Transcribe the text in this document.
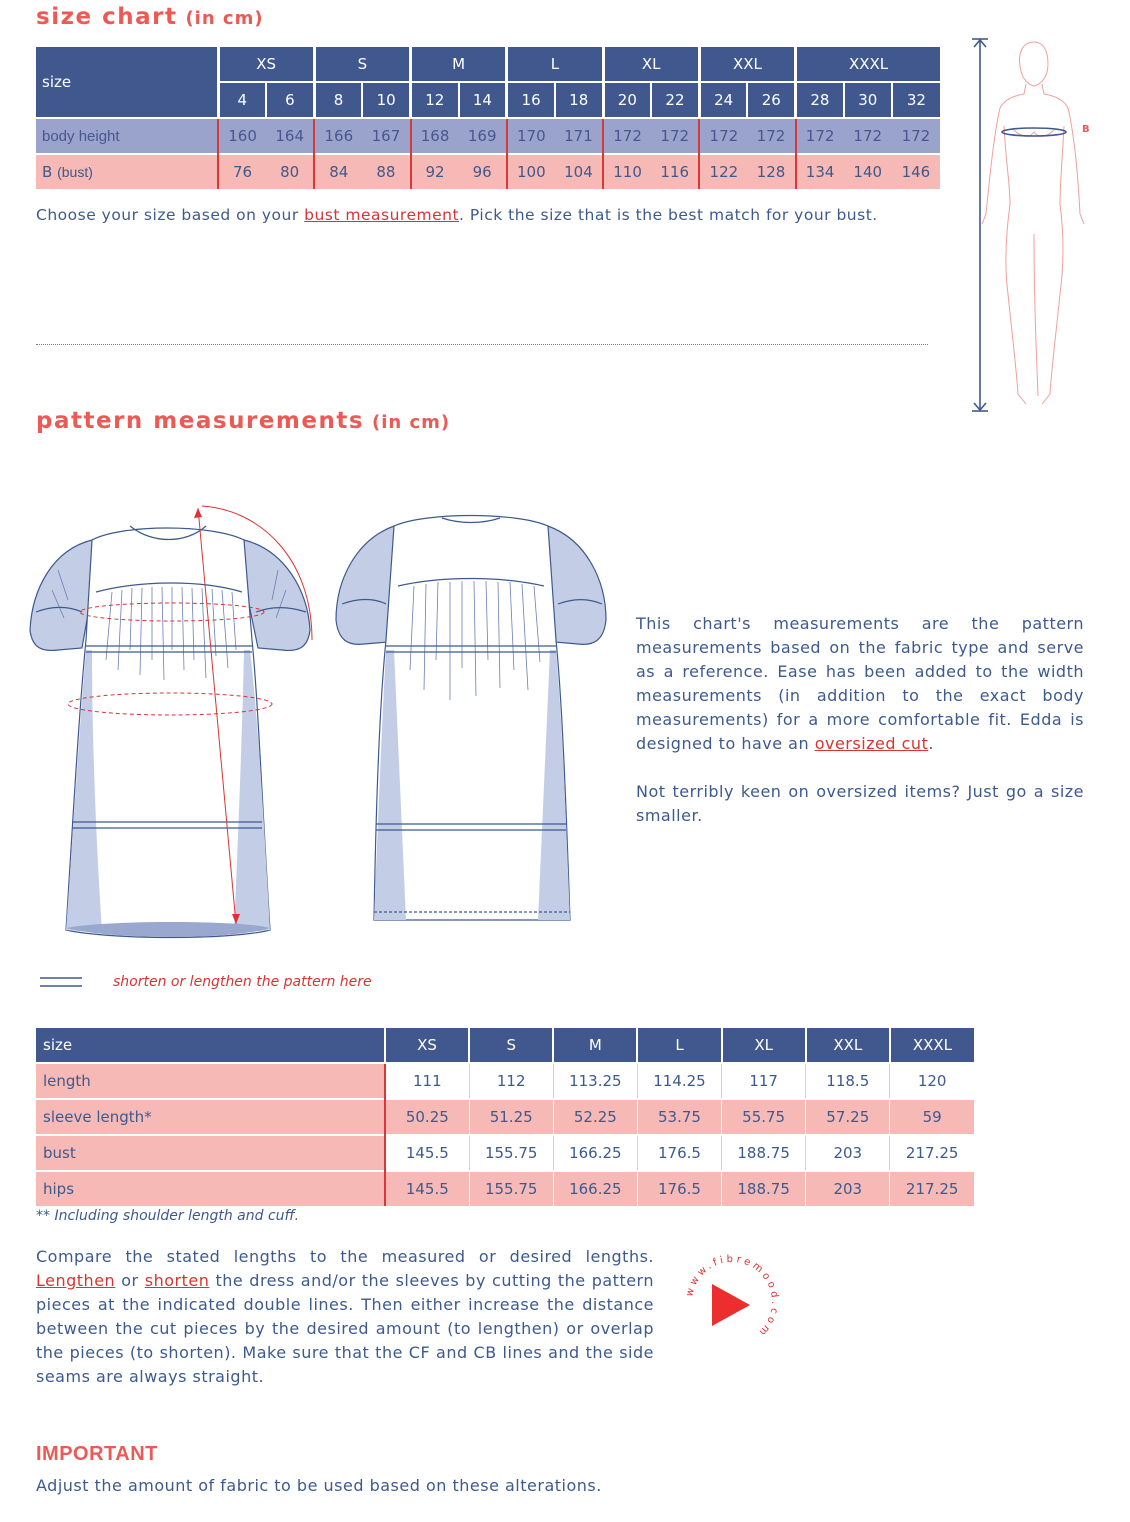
size chart (in cm)
size	XS		S		M		L		XL		XXL		XXXL		
	4	6	8	10	12	14	16	18	20	22	24	26	28	30	32
body height	160	164	166	167	168	169	170	171	172	172	172	172	172	172	172
B (bust)	76	80	84	88	92	96	100	104	110	116	122	128	134	140	146
Choose your size based on your bust measurement. Pick the size that is the best match for your bust.
B
pattern measurements (in cm)
This chart's measurements are the pattern measurements based on the fabric type and serve as a reference. Ease has been added to the width measurements (in addition to the exact body measurements) for a more comfortable fit. Edda is designed to have an oversized cut.
Not terribly keen on oversized items? Just go a size smaller.
shorten or lengthen the pattern here
size	XS	S	M	L	XL	XXL	XXXL
length	111	112	113.25	114.25	117	118.5	120
sleeve length*	50.25	51.25	52.25	53.75	55.75	57.25	59
bust	145.5	155.75	166.25	176.5	188.75	203	217.25
hips	145.5	155.75	166.25	176.5	188.75	203	217.25
** Including shoulder length and cuff.
Compare the stated lengths to the measured or desired lengths. Lengthen or shorten the dress and/or the sleeves by cutting the pattern pieces at the indicated double lines. Then either increase the distance between the cut pieces by the desired amount (to lengthen) or overlap the pieces (to shorten). Make sure that the CF and CB lines and the side seams are always straight.
www.fibremood.com
IMPORTANT
Adjust the amount of fabric to be used based on these alterations.
